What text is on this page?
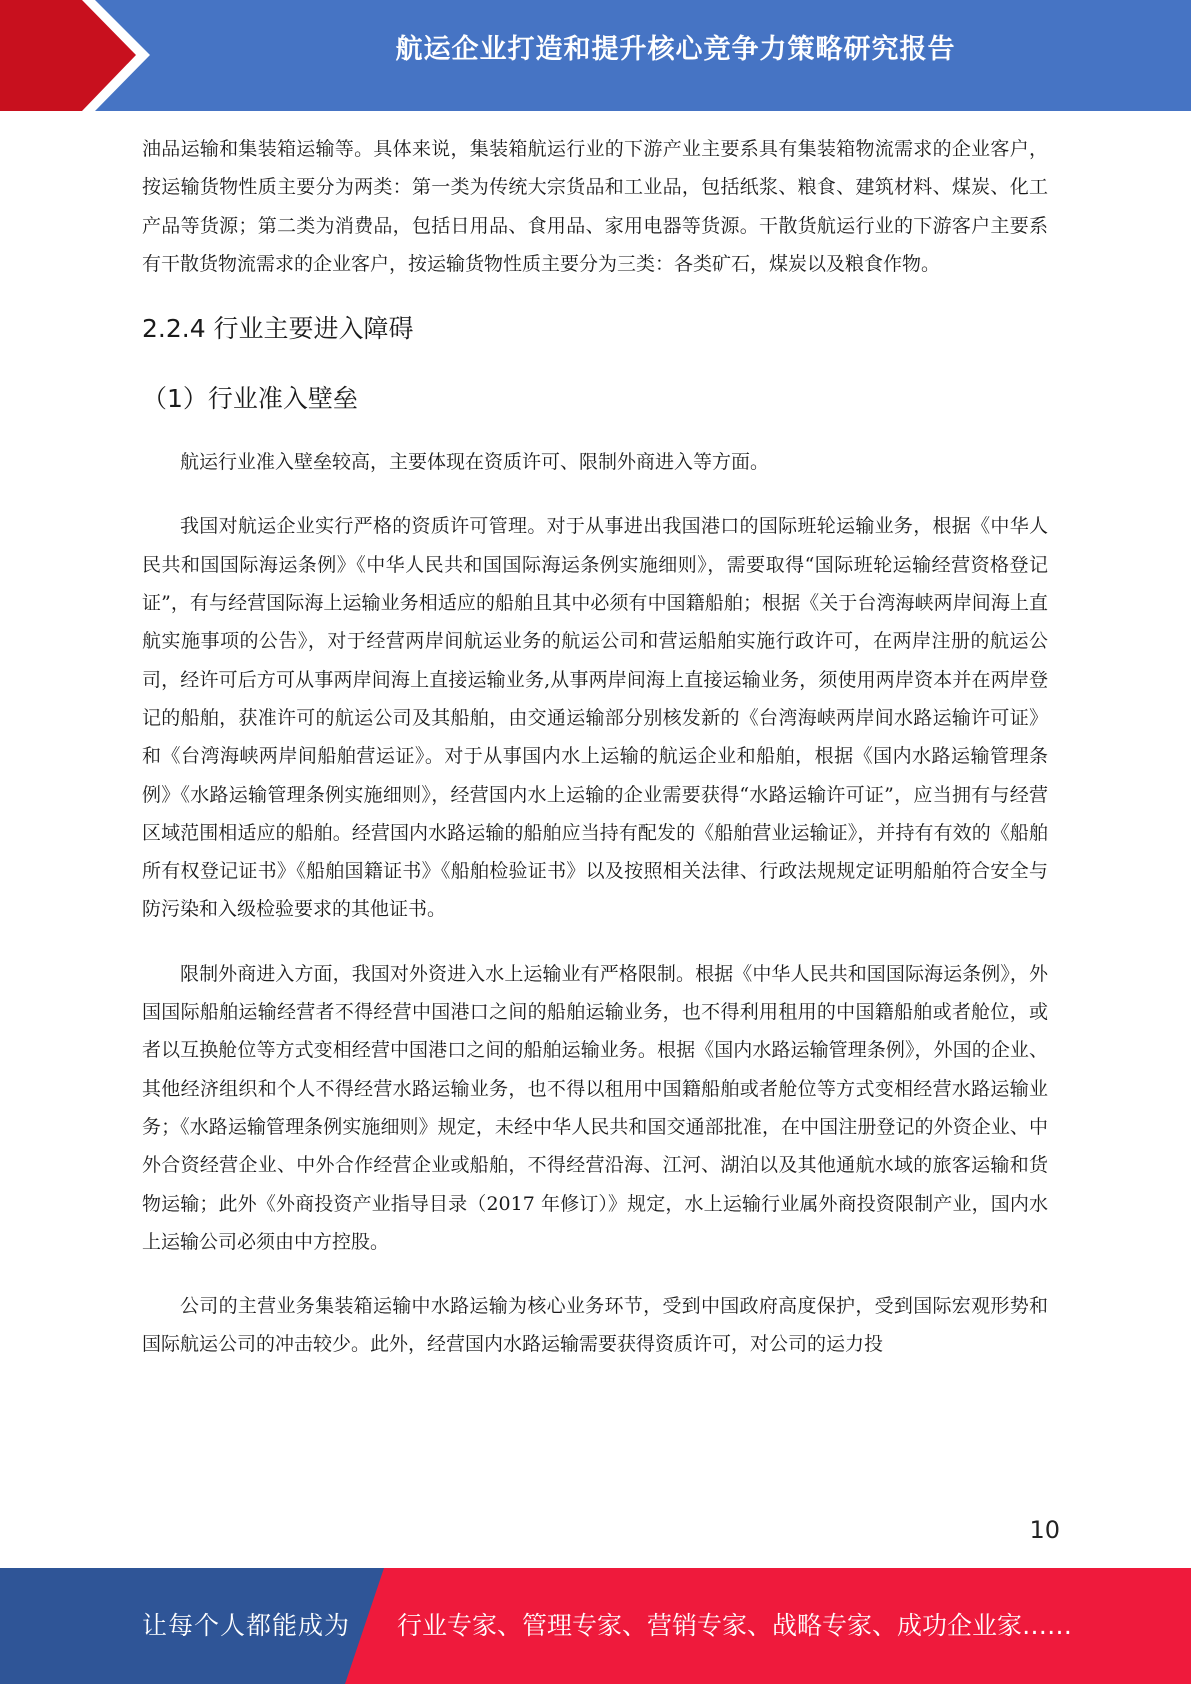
航运企业打造和提升核心竞争力策略研究报告

油品运输和集装箱运输等。具体来说，集装箱航运行业的下游产业主要系具有集装箱物流需求的企业客户，按运输货物性质主要分为两类：第一类为传统大宗货品和工业品，包括纸浆、粮食、建筑材料、煤炭、化工产品等货源；第二类为消费品，包括日用品、食用品、家用电器等货源。干散货航运行业的下游客户主要系有干散货物流需求的企业客户，按运输货物性质主要分为三类：各类矿石，煤炭以及粮食作物。

2.2.4 行业主要进入障碍
（1）行业准入壁垒

航运行业准入壁垒较高，主要体现在资质许可、限制外商进入等方面。

我国对航运企业实行严格的资质许可管理。对于从事进出我国港口的国际班轮运输业务，根据《中华人民共和国国际海运条例》《中华人民共和国国际海运条例实施细则》，需要取得“国际班轮运输经营资格登记证”，有与经营国际海上运输业务相适应的船舶且其中必须有中国籍船舶；根据《关于台湾海峡两岸间海上直航实施事项的公告》，对于经营两岸间航运业务的航运公司和营运船舶实施行政许可，在两岸注册的航运公司，经许可后方可从事两岸间海上直接运输业务,从事两岸间海上直接运输业务，须使用两岸资本并在两岸登记的船舶，获准许可的航运公司及其船舶，由交通运输部分别核发新的《台湾海峡两岸间水路运输许可证》和《台湾海峡两岸间船舶营运证》。对于从事国内水上运输的航运企业和船舶，根据《国内水路运输管理条例》《水路运输管理条例实施细则》，经营国内水上运输的企业需要获得“水路运输许可证”，应当拥有与经营区域范围相适应的船舶。经营国内水路运输的船舶应当持有配发的《船舶营业运输证》，并持有有效的《船舶所有权登记证书》《船舶国籍证书》《船舶检验证书》以及按照相关法律、行政法规规定证明船舶符合安全与防污染和入级检验要求的其他证书。

限制外商进入方面，我国对外资进入水上运输业有严格限制。根据《中华人民共和国国际海运条例》，外国国际船舶运输经营者不得经营中国港口之间的船舶运输业务，也不得利用租用的中国籍船舶或者舱位，或者以互换舱位等方式变相经营中国港口之间的船舶运输业务。根据《国内水路运输管理条例》，外国的企业、其他经济组织和个人不得经营水路运输业务，也不得以租用中国籍船舶或者舱位等方式变相经营水路运输业务；《水路运输管理条例实施细则》规定，未经中华人民共和国交通部批准，在中国注册登记的外资企业、中外合资经营企业、中外合作经营企业或船舶，不得经营沿海、江河、湖泊以及其他通航水域的旅客运输和货物运输；此外《外商投资产业指导目录（2017 年修订）》规定，水上运输行业属外商投资限制产业，国内水上运输公司必须由中方控股。

公司的主营业务集装箱运输中水路运输为核心业务环节，受到中国政府高度保护，受到国际宏观形势和国际航运公司的冲击较少。此外，经营国内水路运输需要获得资质许可，对公司的运力投

10
让每个人都能成为 行业专家、管理专家、营销专家、战略专家、成功企业家……
